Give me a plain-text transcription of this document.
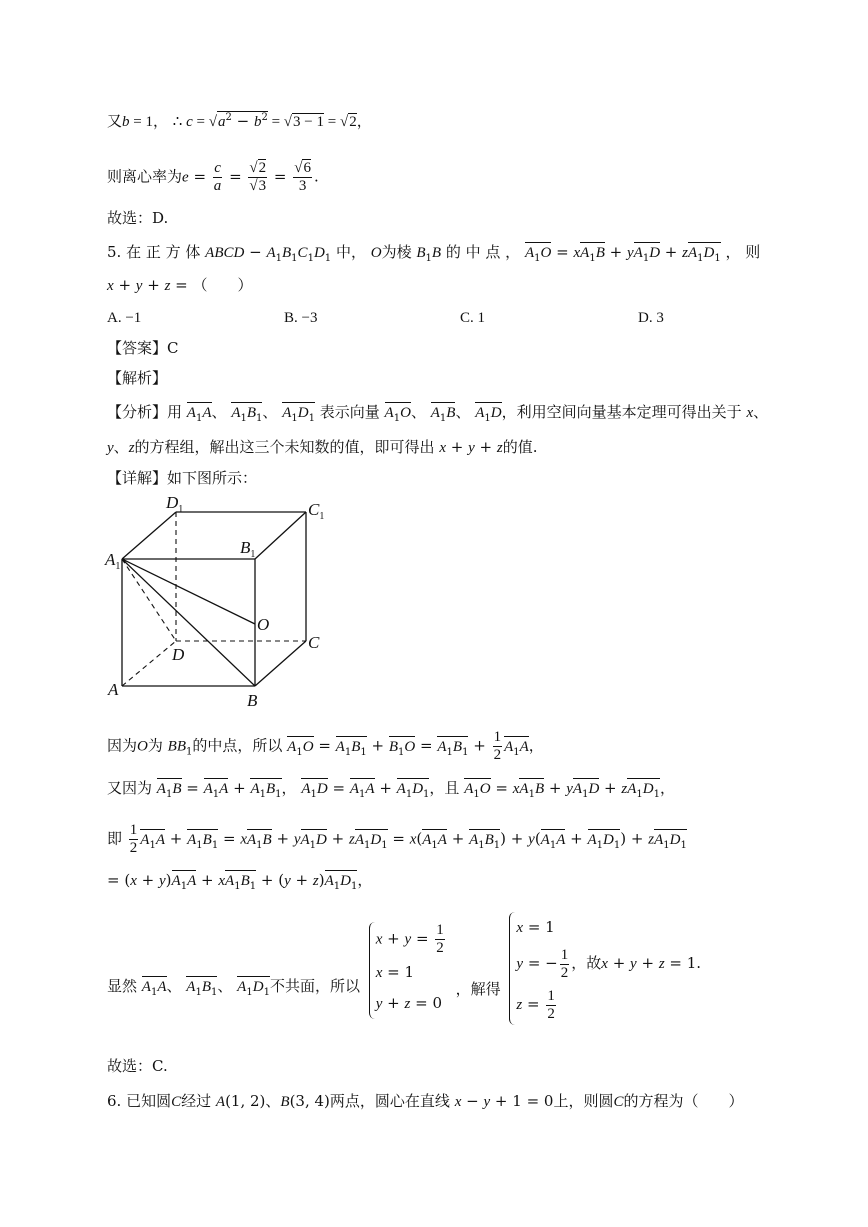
又b = 1， ∴ $c = √a^2 - b^2 = √3 - 1 = √2$，
则离心率为$e = \frac{c}{a} = \frac{√2}{√3} = \frac{√6}{3}$ .
故选：D.
5. 在 正 方 体 ABCD − $A_1B_1C_1D_1$ 中， O为棱 $B_1B$ 的 中 点 ， $A_1O = xA_1B + yA_1D + zA_1D_1$ ， 则
x + y + z = （　　）
A. −1	B. −3	C. 1	D. 3
【答案】C
【解析】
【分析】用 $A_1A$、 $A_1B_1$、 $A_1D_1$ 表示向量 $A_1O$、 $A_1B$、 $A_1D$，利用空间向量基本定理可得出关于 x、
y、z的方程组，解出这三个未知数的值，即可得出 x + y + z的值.
【详解】如下图所示：
$D_1$	$C_1$
$B_1$
$A_1$
O
C
D
A
B
因为O为 $BB_1$的中点，所以 $A_1O = A_1B_1 + B_1O = A_1B_1 + \frac{1}{2} A_1A$，
又因为 $A_1B = A_1A + A_1B_1$， $A_1D = A_1A + A_1D_1$，且 $A_1O = xA_1B + yA_1D + zA_1D_1$，
即 $\frac{1}{2} A_1A + A_1B_1 = xA_1B + yA_1D + zA_1D_1 = x(A_1A + A_1B_1) + y(A_1A + A_1D_1) + zA_1D_1$
= $(x + y)A_1A + xA_1B_1 + (y + z)A_1D_1$，
显然 $A_1A$、 $A_1B_1$、 $A_1D_1$不共面，所以
$x + y = \frac{1}{2}$
x = 1
y + z = 0
，解得
x = 1
y = − $\frac{1}{2}$ ，故x + y + z = 1.
$z = \frac{1}{2}$
故选：C.
6. 已知圆C经过 A(1, 2)、B(3, 4)两点，圆心在直线 x − y + 1 = 0上，则圆C的方程为（　　）
